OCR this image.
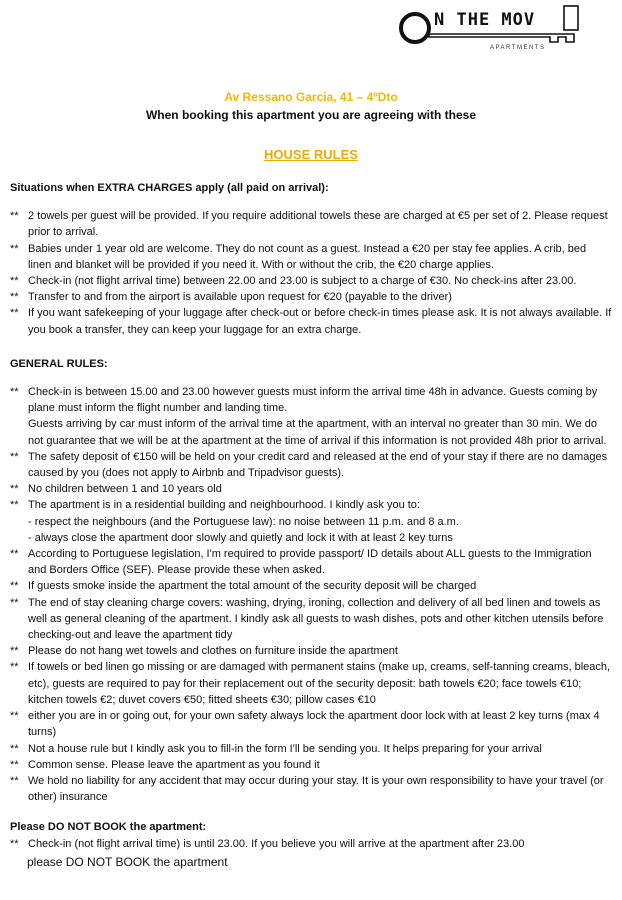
N THE MOV
APARTMENTS
Av Ressano Garcia, 41 – 4ºDto
When booking this apartment you are agreeing with these
HOUSE RULES

Situations when EXTRA CHARGES apply (all paid on arrival):

** 2 towels per guest will be provided. If you require additional towels these are charged at €5 per set of 2. Please request prior to arrival.
** Babies under 1 year old are welcome. They do not count as a guest. Instead a €20 per stay fee applies. A crib, bed linen and blanket will be provided if you need it. With or without the crib, the €20 charge applies.
** Check-in (not flight arrival time) between 22.00 and 23.00 is subject to a charge of €30. No check-ins after 23.00.
** Transfer to and from the airport is available upon request for €20 (payable to the driver)
** If you want safekeeping of your luggage after check-out or before check-in times please ask. It is not always available. If you book a transfer, they can keep your luggage for an extra charge.

GENERAL RULES:

** Check-in is between 15.00 and 23.00 however guests must inform the arrival time 48h in advance. Guests coming by plane must inform the flight number and landing time.
Guests arriving by car must inform of the arrival time at the apartment, with an interval no greater than 30 min. We do not guarantee that we will be at the apartment at the time of arrival if this information is not provided 48h prior to arrival.
** The safety deposit of €150 will be held on your credit card and released at the end of your stay if there are no damages caused by you (does not apply to Airbnb and Tripadvisor guests).
** No children between 1 and 10 years old
** The apartment is in a residential building and neighbourhood. I kindly ask you to:
- respect the neighbours (and the Portuguese law): no noise between 11 p.m. and 8 a.m.
- always close the apartment door slowly and quietly and lock it with at least 2 key turns
** According to Portuguese legislation, I'm required to provide passport/ ID details about ALL guests to the Immigration and Borders Office (SEF). Please provide these when asked.
** If guests smoke inside the apartment the total amount of the security deposit will be charged
** The end of stay cleaning charge covers: washing, drying, ironing, collection and delivery of all bed linen and towels as well as general cleaning of the apartment. I kindly ask all guests to wash dishes, pots and other kitchen utensils before checking-out and leave the apartment tidy
** Please do not hang wet towels and clothes on furniture inside the apartment
** If towels or bed linen go missing or are damaged with permanent stains (make up, creams, self-tanning creams, bleach, etc), guests are required to pay for their replacement out of the security deposit: bath towels €20; face towels €10; kitchen towels €2; duvet covers €50; fitted sheets €30; pillow cases €10
** either you are in or going out, for your own safety always lock the apartment door lock with at least 2 key turns (max 4 turns)
** Not a house rule but I kindly ask you to fill-in the form I'll be sending you. It helps preparing for your arrival
** Common sense. Please leave the apartment as you found it
** We hold no liability for any accident that may occur during your stay. It is your own responsibility to have your travel (or other) insurance

Please DO NOT BOOK the apartment:

** Check-in (not flight arrival time) is until 23.00. If you believe you will arrive at the apartment after 23.00
please DO NOT BOOK the apartment
